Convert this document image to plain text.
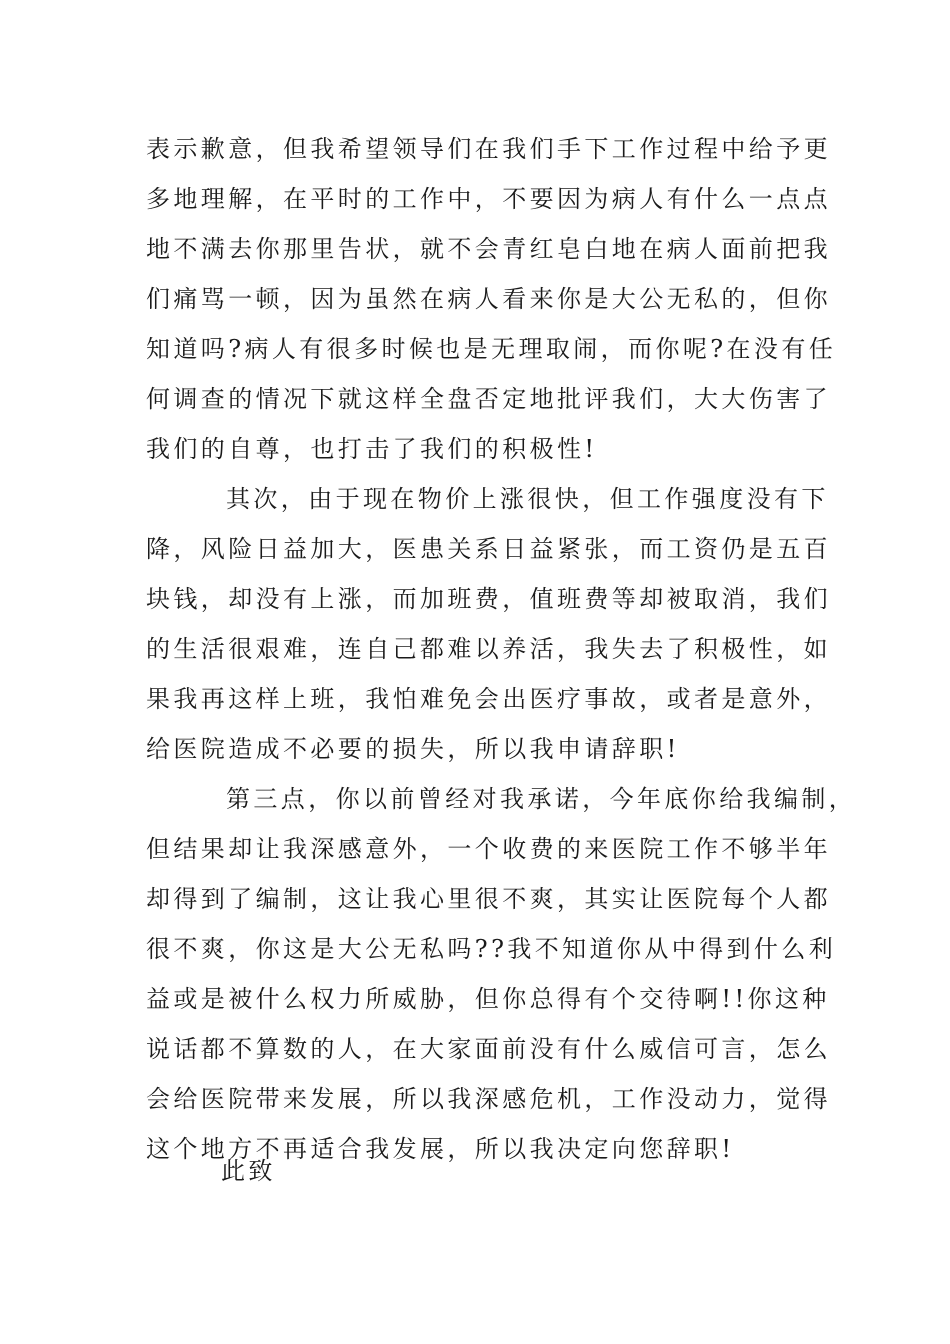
表示歉意，但我希望领导们在我们手下工作过程中给予更
多地理解，在平时的工作中，不要因为病人有什么一点点
地不满去你那里告状，就不会青红皂白地在病人面前把我
们痛骂一顿，因为虽然在病人看来你是大公无私的，但你
知道吗?病人有很多时候也是无理取闹，而你呢?在没有任
何调查的情况下就这样全盘否定地批评我们，大大伤害了
我们的自尊，也打击了我们的积极性!
其次，由于现在物价上涨很快，但工作强度没有下
降，风险日益加大，医患关系日益紧张，而工资仍是五百
块钱，却没有上涨，而加班费，值班费等却被取消，我们
的生活很艰难，连自己都难以养活，我失去了积极性，如
果我再这样上班，我怕难免会出医疗事故，或者是意外，
给医院造成不必要的损失，所以我申请辞职!
第三点，你以前曾经对我承诺，今年底你给我编制，
但结果却让我深感意外，一个收费的来医院工作不够半年
却得到了编制，这让我心里很不爽，其实让医院每个人都
很不爽，你这是大公无私吗??我不知道你从中得到什么利
益或是被什么权力所威胁，但你总得有个交待啊!!你这种
说话都不算数的人，在大家面前没有什么威信可言，怎么
会给医院带来发展，所以我深感危机，工作没动力，觉得
这个地方不再适合我发展，所以我决定向您辞职!
此致
